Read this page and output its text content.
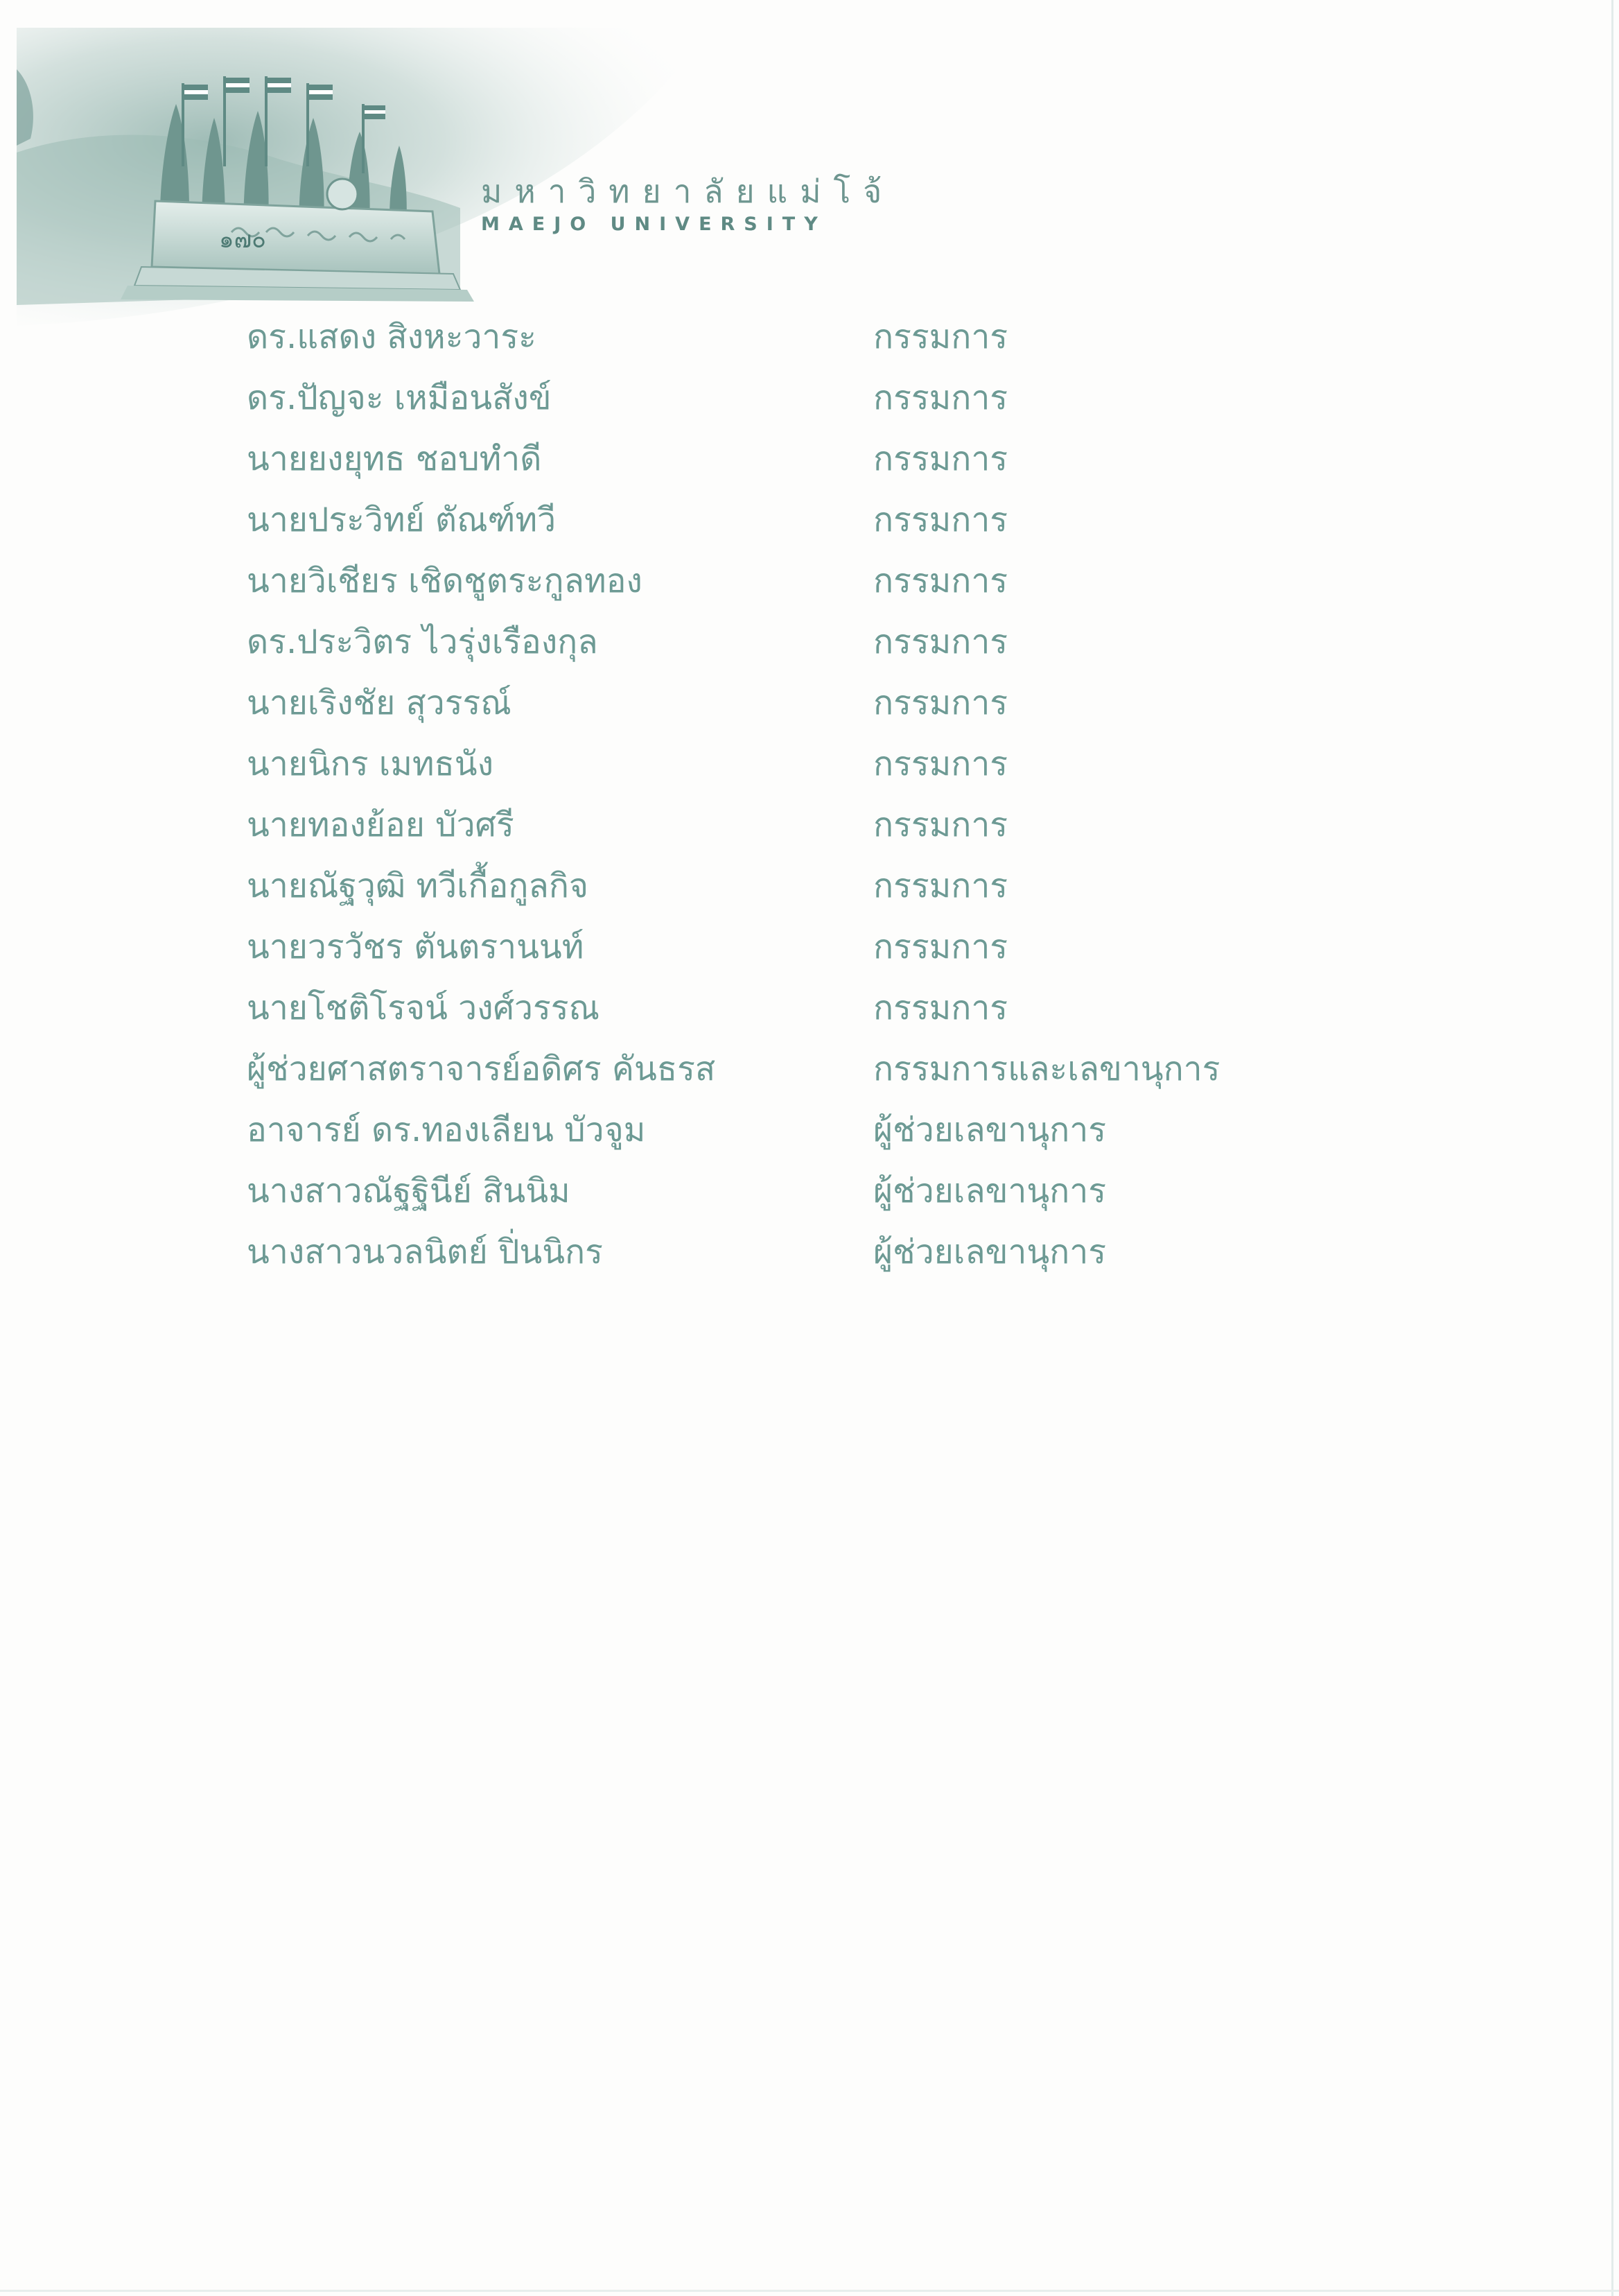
๑๗๐
มหาวิทยาลัยแม่โจ้
MAEJO UNIVERSITY
ดร.แสดง สิงหะวาระ	กรรมการ
ดร.ปัญจะ เหมือนสังข์	กรรมการ
นายยงยุทธ ชอบทำดี	กรรมการ
นายประวิทย์ ตัณฑ์ทวี	กรรมการ
นายวิเชียร เชิดชูตระกูลทอง	กรรมการ
ดร.ประวิตร ไวรุ่งเรืองกุล	กรรมการ
นายเริงชัย สุวรรณ์	กรรมการ
นายนิกร เมทธนัง	กรรมการ
นายทองย้อย บัวศรี	กรรมการ
นายณัฐวุฒิ ทวีเกื้อกูลกิจ	กรรมการ
นายวรวัชร ตันตรานนท์	กรรมการ
นายโชติโรจน์ วงศ์วรรณ	กรรมการ
ผู้ช่วยศาสตราจารย์อดิศร คันธรส	กรรมการและเลขานุการ
อาจารย์ ดร.ทองเลียน บัวจูม	ผู้ช่วยเลขานุการ
นางสาวณัฐฐินีย์ สินนิม	ผู้ช่วยเลขานุการ
นางสาวนวลนิตย์ ปิ่นนิกร	ผู้ช่วยเลขานุการ
